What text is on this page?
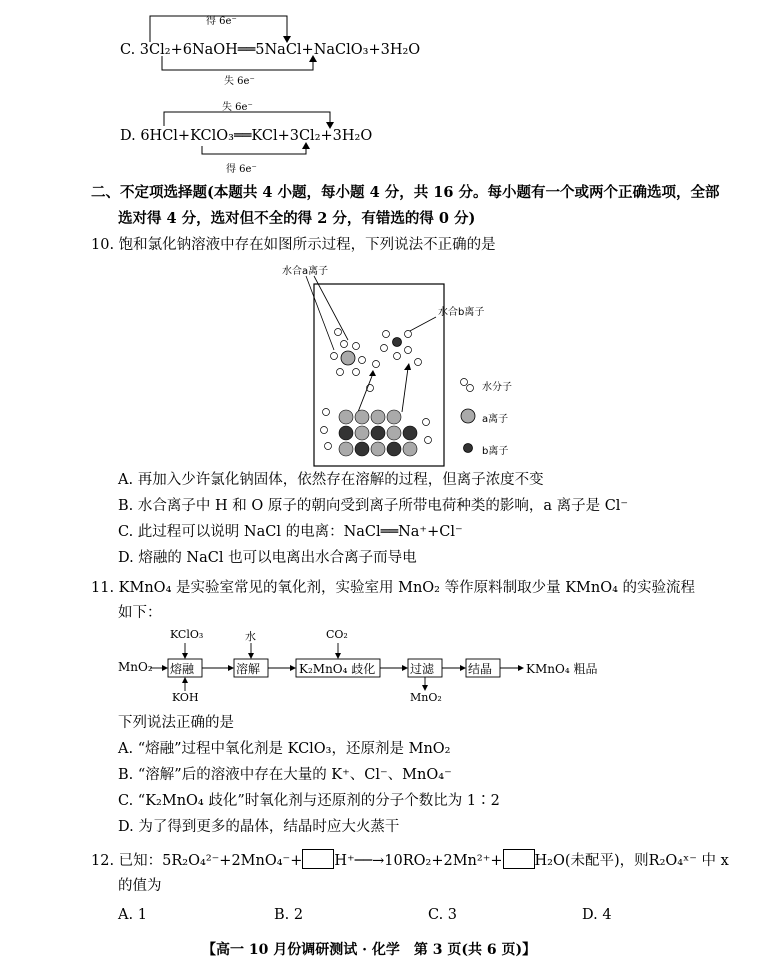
得 6e⁻
C. 3Cl₂+6NaOH══5NaCl+NaClO₃+3H₂O
失 6e⁻
失 6e⁻
D. 6HCl+KClO₃══KCl+3Cl₂+3H₂O
得 6e⁻
二、不定项选择题(本题共 4 小题，每小题 4 分，共 16 分。每小题有一个或两个正确选项，全部
选对得 4 分，选对但不全的得 2 分，有错选的得 0 分)
10. 饱和氯化钠溶液中存在如图所示过程，下列说法不正确的是
水合a离子
水合b离子
水分子
a离子
b离子
A. 再加入少许氯化钠固体，依然存在溶解的过程，但离子浓度不变
B. 水合离子中 H 和 O 原子的朝向受到离子所带电荷种类的影响，a 离子是 Cl⁻
C. 此过程可以说明 NaCl 的电离：NaCl══Na⁺+Cl⁻
D. 熔融的 NaCl 也可以电离出水合离子而导电
11. KMnO₄ 是实验室常见的氧化剂，实验室用 MnO₂ 等作原料制取少量 KMnO₄ 的实验流程
如下：
MnO₂ 熔融
KClO₃
KOH
溶解
水
K₂MnO₄ 歧化
CO₂
过滤
MnO₂
结晶	KMnO₄ 粗品
下列说法正确的是
A. “熔融”过程中氧化剂是 KClO₃，还原剂是 MnO₂
B. “溶解”后的溶液中存在大量的 K⁺、Cl⁻、MnO₄⁻
C. “K₂MnO₄ 歧化”时氧化剂与还原剂的分子个数比为 1∶2
D. 为了得到更多的晶体，结晶时应大火蒸干
12. 已知：5R₂O₄²⁻+2MnO₄⁻+ H⁺──→10RO₂+2Mn²⁺+ H₂O(未配平)，则R₂O₄ˣ⁻ 中 x
的值为
A. 1	B. 2	C. 3	D. 4
【高一 10 月份调研测试 · 化学　第 3 页(共 6 页)】
